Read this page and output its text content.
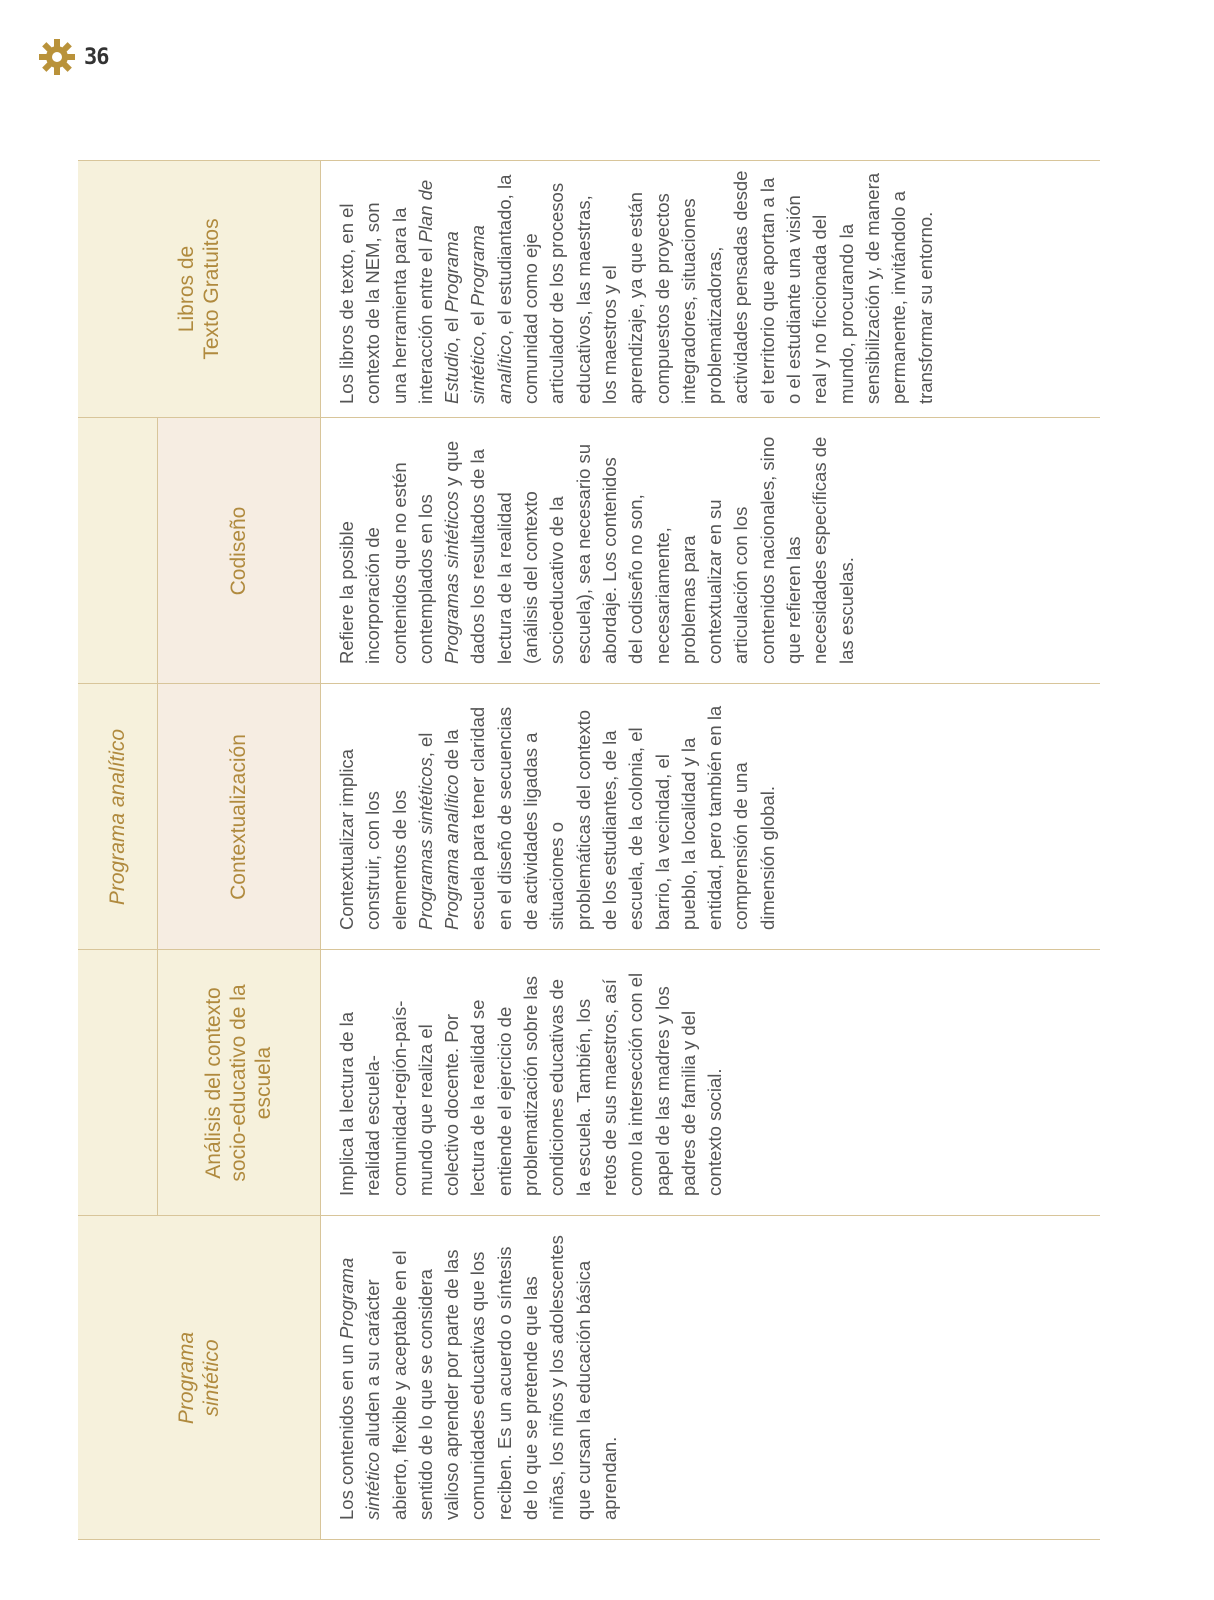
36
Programa sintético	Los contenidos en un Programa sintético aluden a su carácter abierto, flexible y aceptable en el sentido de lo que se considera valioso aprender por parte de las comunidades educativas que los reciben. Es un acuerdo o síntesis de lo que se pretende que las niñas, los niños y los adolescentes que cursan la educación básica aprendan.
Programa analítico
Análisis del contexto socio-educativo de la escuela	Implica la lectura de la realidad escuela-comunidad-región-país-mundo que realiza el colectivo docente. Por lectura de la realidad se entiende el ejercicio de problematización sobre las condiciones educativas de la escuela. También, los retos de sus maestros, así como la intersección con el papel de las madres y los padres de familia y del contexto social.
Contextualización	Contextualizar implica construir, con los elementos de los Programas sintéticos, el Programa analítico de la escuela para tener claridad en el diseño de secuencias de actividades ligadas a situaciones o problemáticas del contexto de los estudiantes, de la escuela, de la colonia, el barrio, la vecindad, el pueblo, la localidad y la entidad, pero también en la comprensión de una dimensión global.
Codiseño	Refiere la posible incorporación de contenidos que no estén contemplados en los Programas sintéticos y que dados los resultados de la lectura de la realidad (análisis del contexto socioeducativo de la escuela), sea necesario su abordaje. Los contenidos del codiseño no son, necesariamente, problemas para contextualizar en su articulación con los contenidos nacionales, sino que refieren las necesidades específicas de las escuelas.
Libros de Texto Gratuitos	Los libros de texto, en el contexto de la NEM, son una herramienta para la interacción entre el Plan de Estudio, el Programa sintético, el Programa analítico, el estudiantado, la comunidad como eje articulador de los procesos educativos, las maestras, los maestros y el aprendizaje, ya que están compuestos de proyectos integradores, situaciones problematizadoras, actividades pensadas desde el territorio que aportan a la o el estudiante una visión real y no ficcionada del mundo, procurando la sensibilización y, de manera permanente, invitándolo a transformar su entorno.
